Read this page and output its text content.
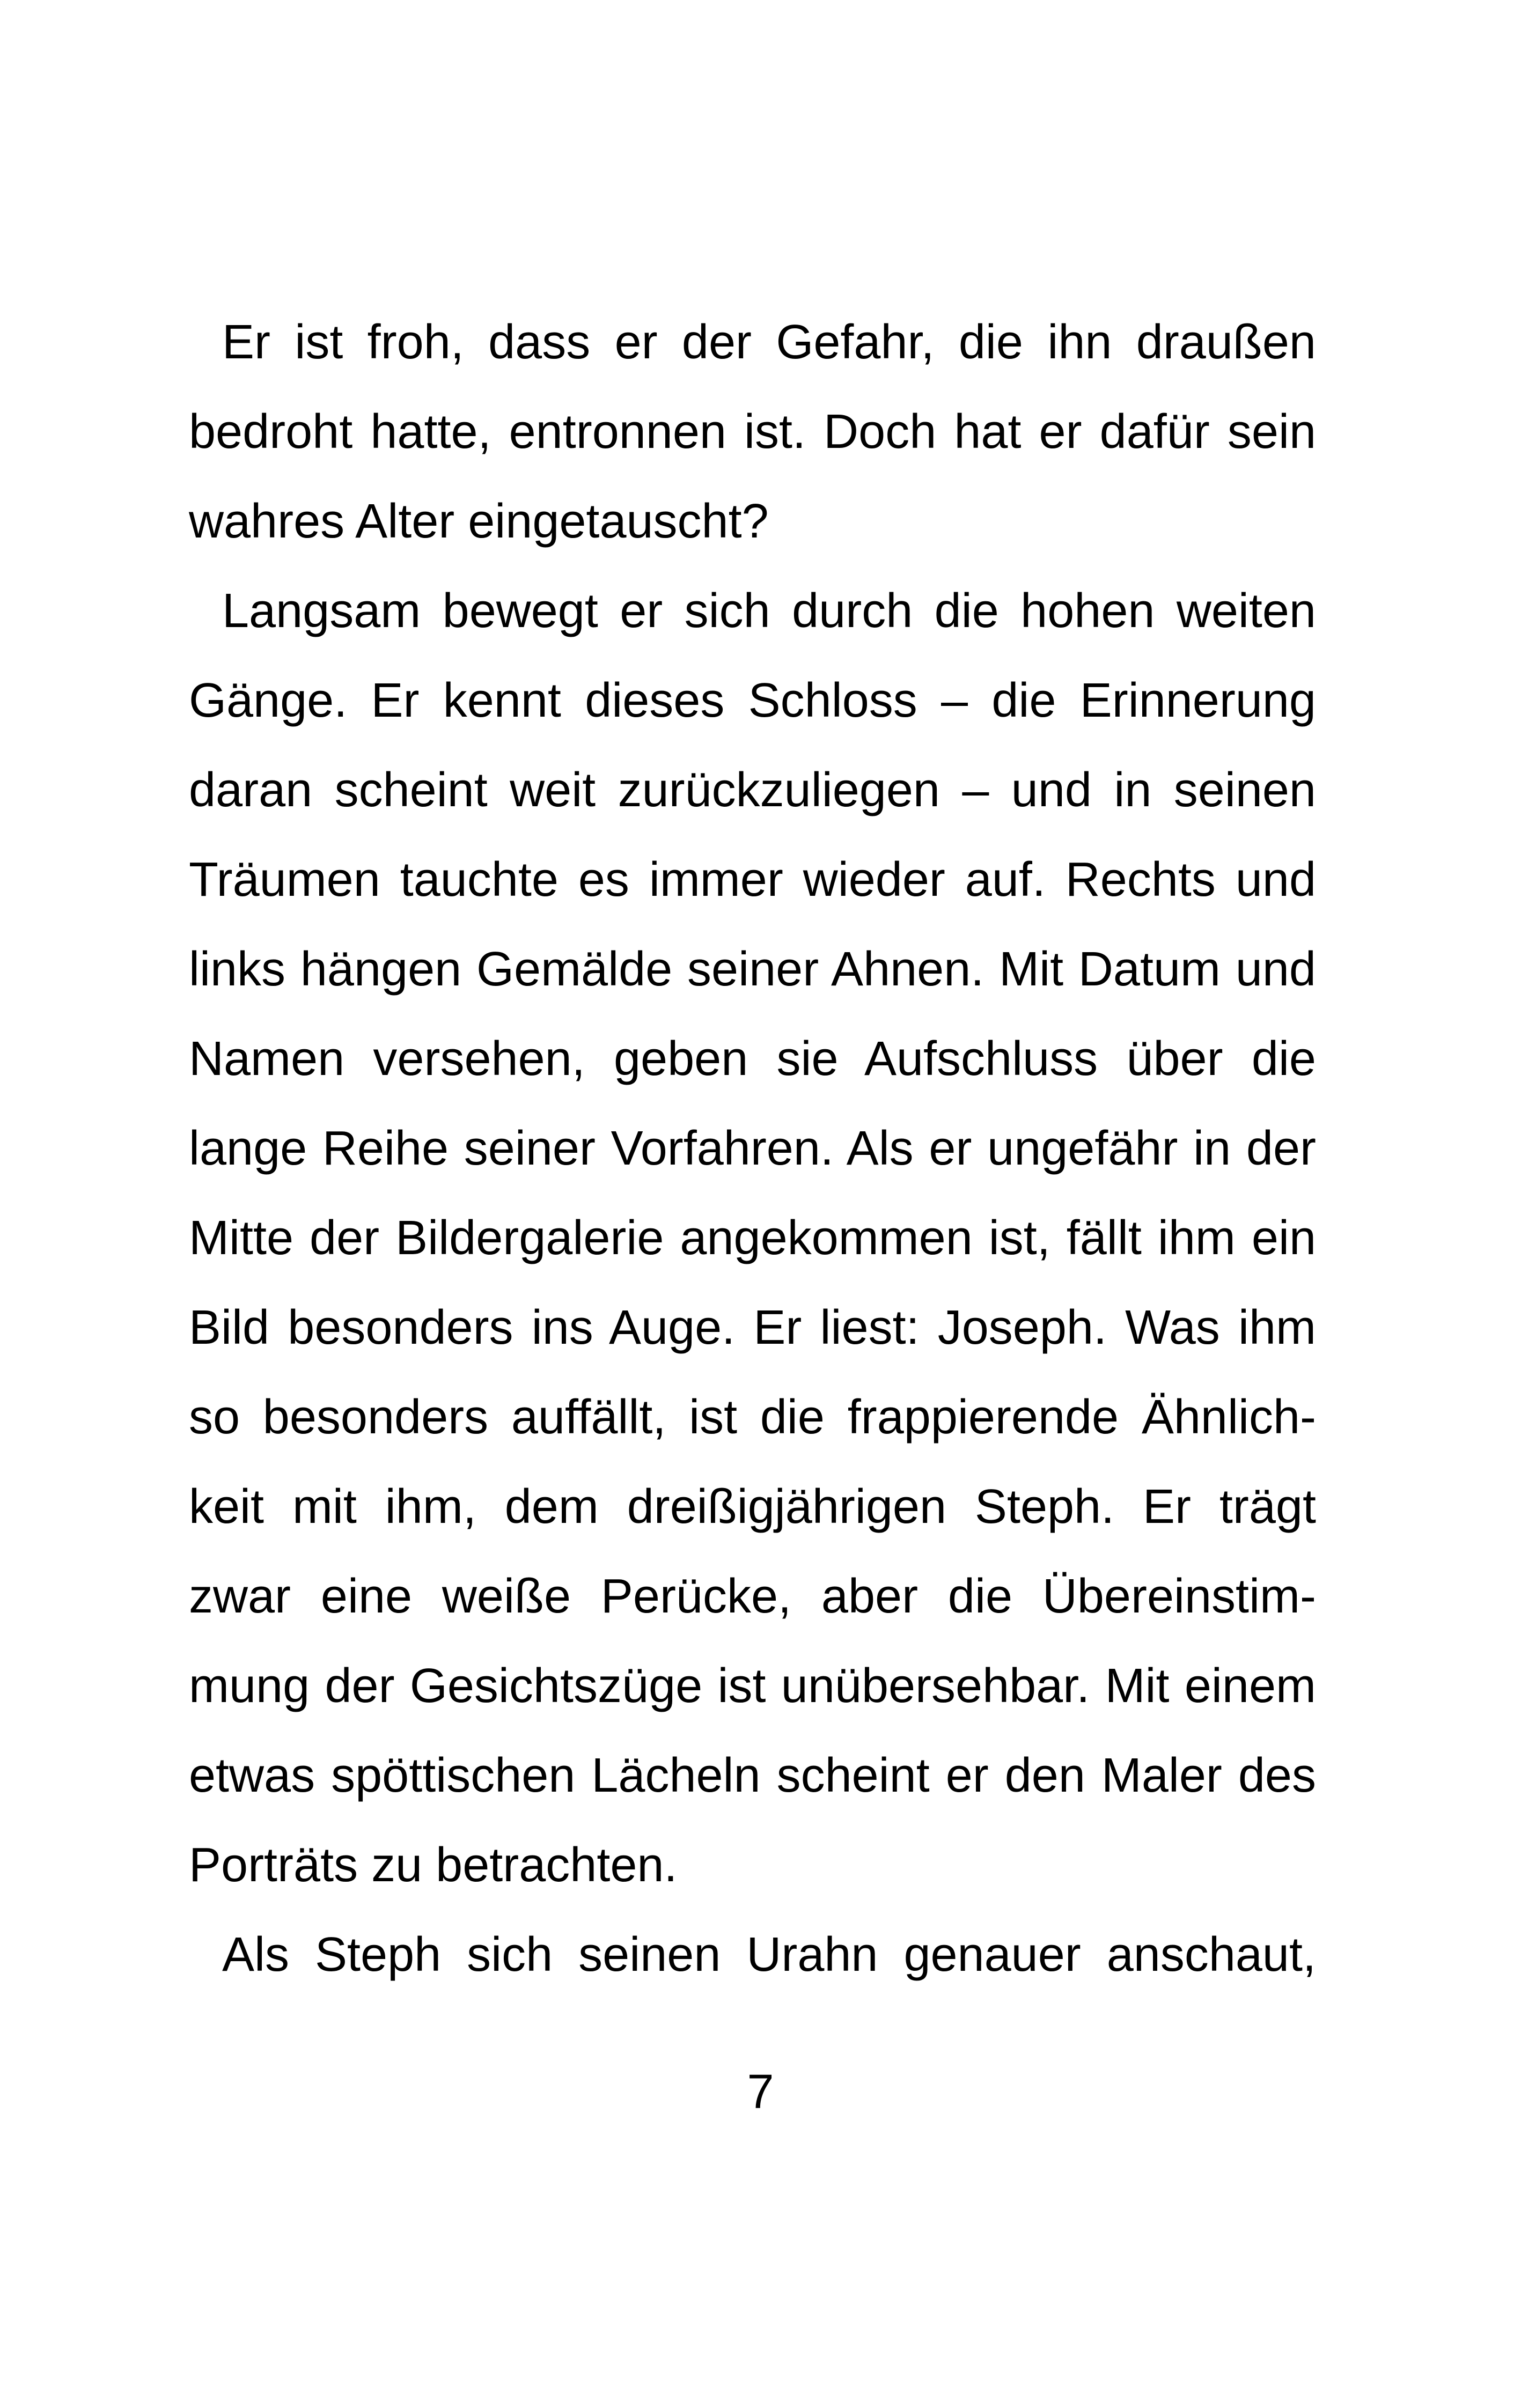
Er ist froh, dass er der Gefahr, die ihn draußen
bedroht hatte, entronnen ist. Doch hat er dafür sein
wahres Alter eingetauscht?
Langsam bewegt er sich durch die hohen weiten
Gänge. Er kennt dieses Schloss – die Erinnerung
daran scheint weit zurückzuliegen – und in seinen
Träumen tauchte es immer wieder auf. Rechts und
links hängen Gemälde seiner Ahnen. Mit Datum und
Namen versehen, geben sie Aufschluss über die
lange Reihe seiner Vorfahren. Als er ungefähr in der
Mitte der Bildergalerie angekommen ist, fällt ihm ein
Bild besonders ins Auge. Er liest: Joseph. Was ihm
so besonders auffällt, ist die frappierende Ähnlich-
keit mit ihm, dem dreißigjährigen Steph. Er trägt
zwar eine weiße Perücke, aber die Übereinstim-
mung der Gesichtszüge ist unübersehbar. Mit einem
etwas spöttischen Lächeln scheint er den Maler des
Porträts zu betrachten.
Als Steph sich seinen Urahn genauer anschaut,
7
